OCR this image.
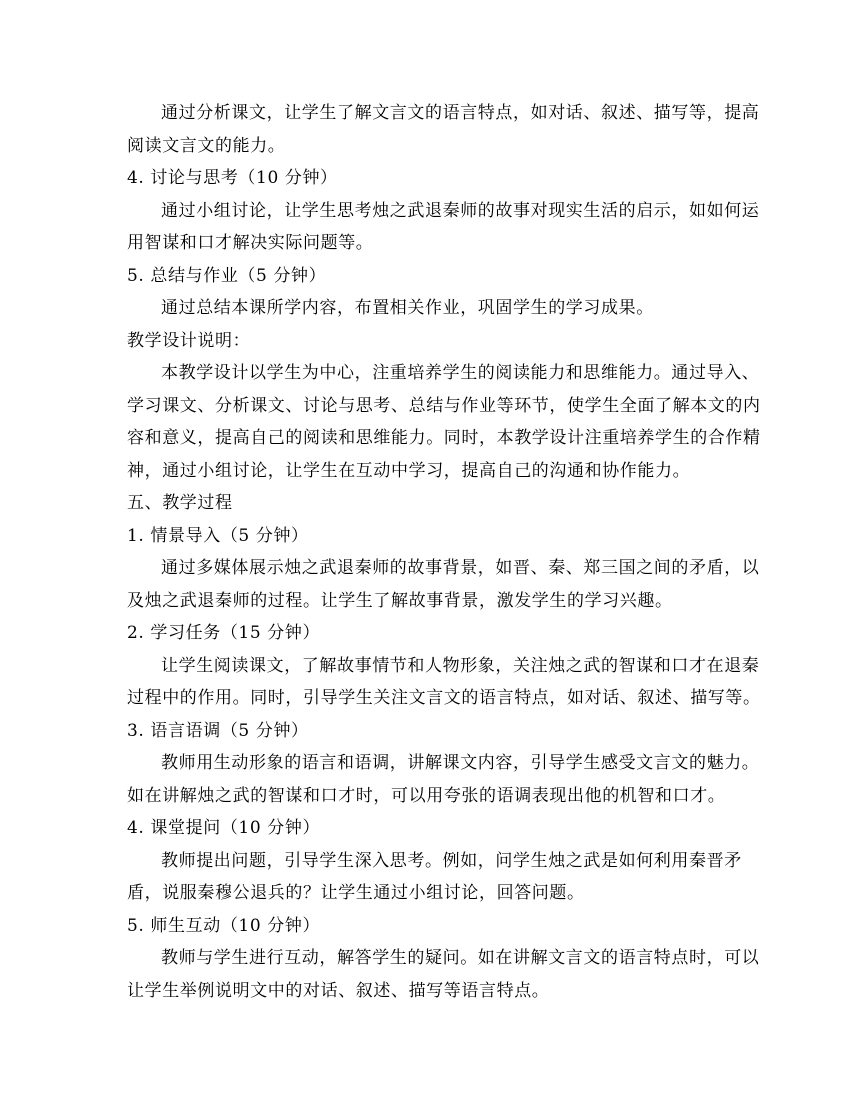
通过分析课文，让学生了解文言文的语言特点，如对话、叙述、描写等，提高
阅读文言文的能力。
4. 讨论与思考（10 分钟）
通过小组讨论，让学生思考烛之武退秦师的故事对现实生活的启示，如如何运
用智谋和口才解决实际问题等。
5. 总结与作业（5 分钟）
通过总结本课所学内容，布置相关作业，巩固学生的学习成果。
教学设计说明：
本教学设计以学生为中心，注重培养学生的阅读能力和思维能力。通过导入、
学习课文、分析课文、讨论与思考、总结与作业等环节，使学生全面了解本文的内
容和意义，提高自己的阅读和思维能力。同时，本教学设计注重培养学生的合作精
神，通过小组讨论，让学生在互动中学习，提高自己的沟通和协作能力。
五、教学过程
1. 情景导入（5 分钟）
通过多媒体展示烛之武退秦师的故事背景，如晋、秦、郑三国之间的矛盾，以
及烛之武退秦师的过程。让学生了解故事背景，激发学生的学习兴趣。
2. 学习任务（15 分钟）
让学生阅读课文，了解故事情节和人物形象，关注烛之武的智谋和口才在退秦
过程中的作用。同时，引导学生关注文言文的语言特点，如对话、叙述、描写等。
3. 语言语调（5 分钟）
教师用生动形象的语言和语调，讲解课文内容，引导学生感受文言文的魅力。
如在讲解烛之武的智谋和口才时，可以用夸张的语调表现出他的机智和口才。
4. 课堂提问（10 分钟）
教师提出问题，引导学生深入思考。例如，问学生烛之武是如何利用秦晋矛
盾，说服秦穆公退兵的？让学生通过小组讨论，回答问题。
5. 师生互动（10 分钟）
教师与学生进行互动，解答学生的疑问。如在讲解文言文的语言特点时，可以
让学生举例说明文中的对话、叙述、描写等语言特点。
